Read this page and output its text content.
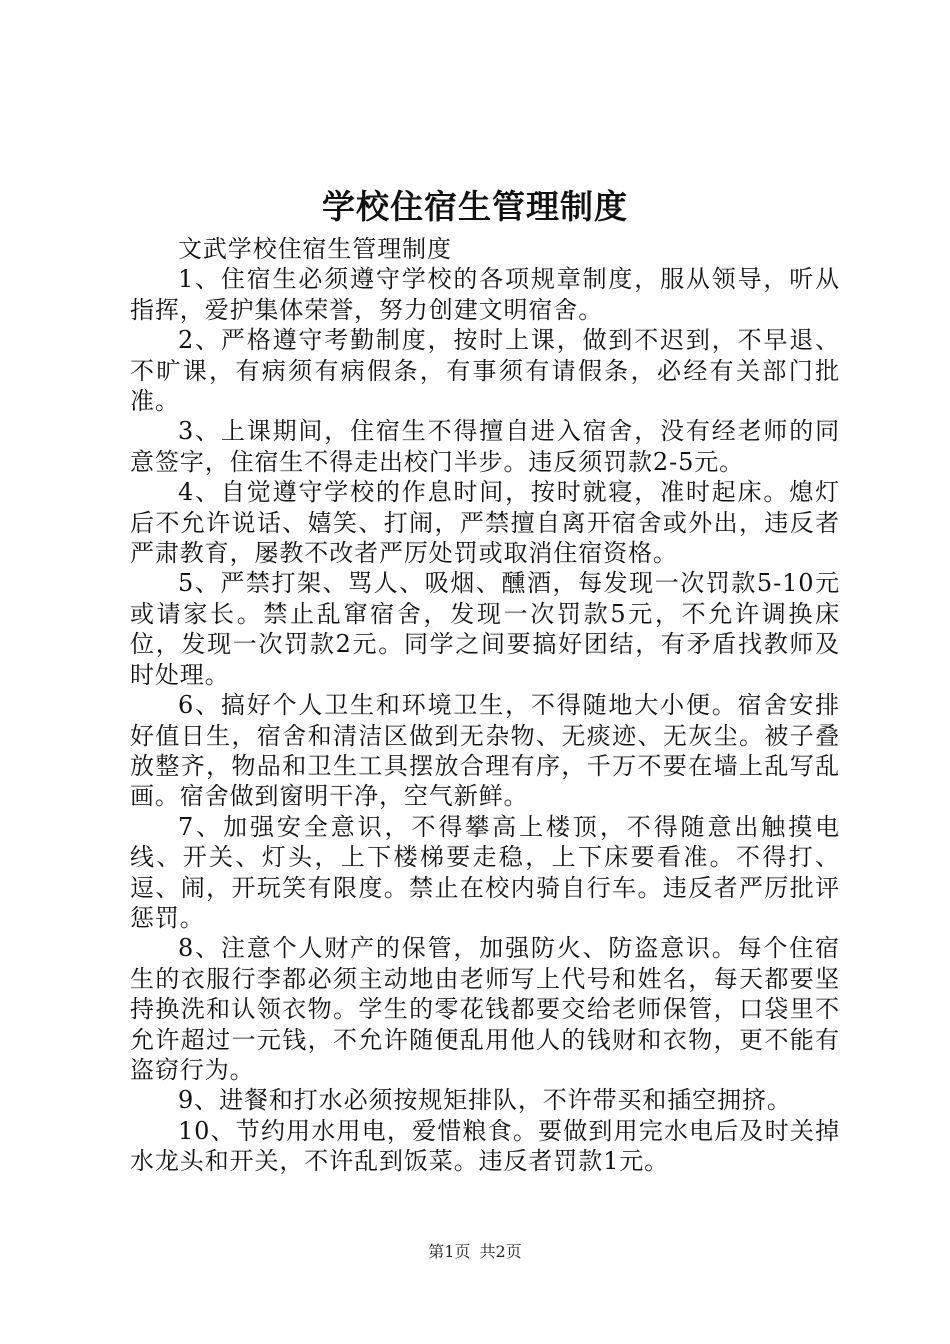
学校住宿生管理制度

文武学校住宿生管理制度

1、住宿生必须遵守学校的各项规章制度，服从领导，听从指挥，爱护集体荣誉，努力创建文明宿舍。

2、严格遵守考勤制度，按时上课，做到不迟到，不早退、不旷课，有病须有病假条，有事须有请假条，必经有关部门批准。

3、上课期间，住宿生不得擅自进入宿舍，没有经老师的同意签字，住宿生不得走出校门半步。违反须罚款2-5元。

4、自觉遵守学校的作息时间，按时就寝，准时起床。熄灯后不允许说话、嬉笑、打闹，严禁擅自离开宿舍或外出，违反者严肃教育，屡教不改者严厉处罚或取消住宿资格。

5、严禁打架、骂人、吸烟、醺酒，每发现一次罚款5-10元或请家长。禁止乱窜宿舍，发现一次罚款5元，不允许调换床位，发现一次罚款2元。同学之间要搞好团结，有矛盾找教师及时处理。

6、搞好个人卫生和环境卫生，不得随地大小便。宿舍安排好值日生，宿舍和清洁区做到无杂物、无痰迹、无灰尘。被子叠放整齐，物品和卫生工具摆放合理有序，千万不要在墙上乱写乱画。宿舍做到窗明干净，空气新鲜。

7、加强安全意识，不得攀高上楼顶，不得随意出触摸电线、开关、灯头，上下楼梯要走稳，上下床要看准。不得打、逗、闹，开玩笑有限度。禁止在校内骑自行车。违反者严厉批评惩罚。

8、注意个人财产的保管，加强防火、防盗意识。每个住宿生的衣服行李都必须主动地由老师写上代号和姓名，每天都要坚持换洗和认领衣物。学生的零花钱都要交给老师保管，口袋里不允许超过一元钱，不允许随便乱用他人的钱财和衣物，更不能有盗窃行为。

9、进餐和打水必须按规矩排队，不许带买和插空拥挤。

10、节约用水用电，爱惜粮食。要做到用完水电后及时关掉水龙头和开关，不许乱到饭菜。违反者罚款1元。

第1页 共2页
